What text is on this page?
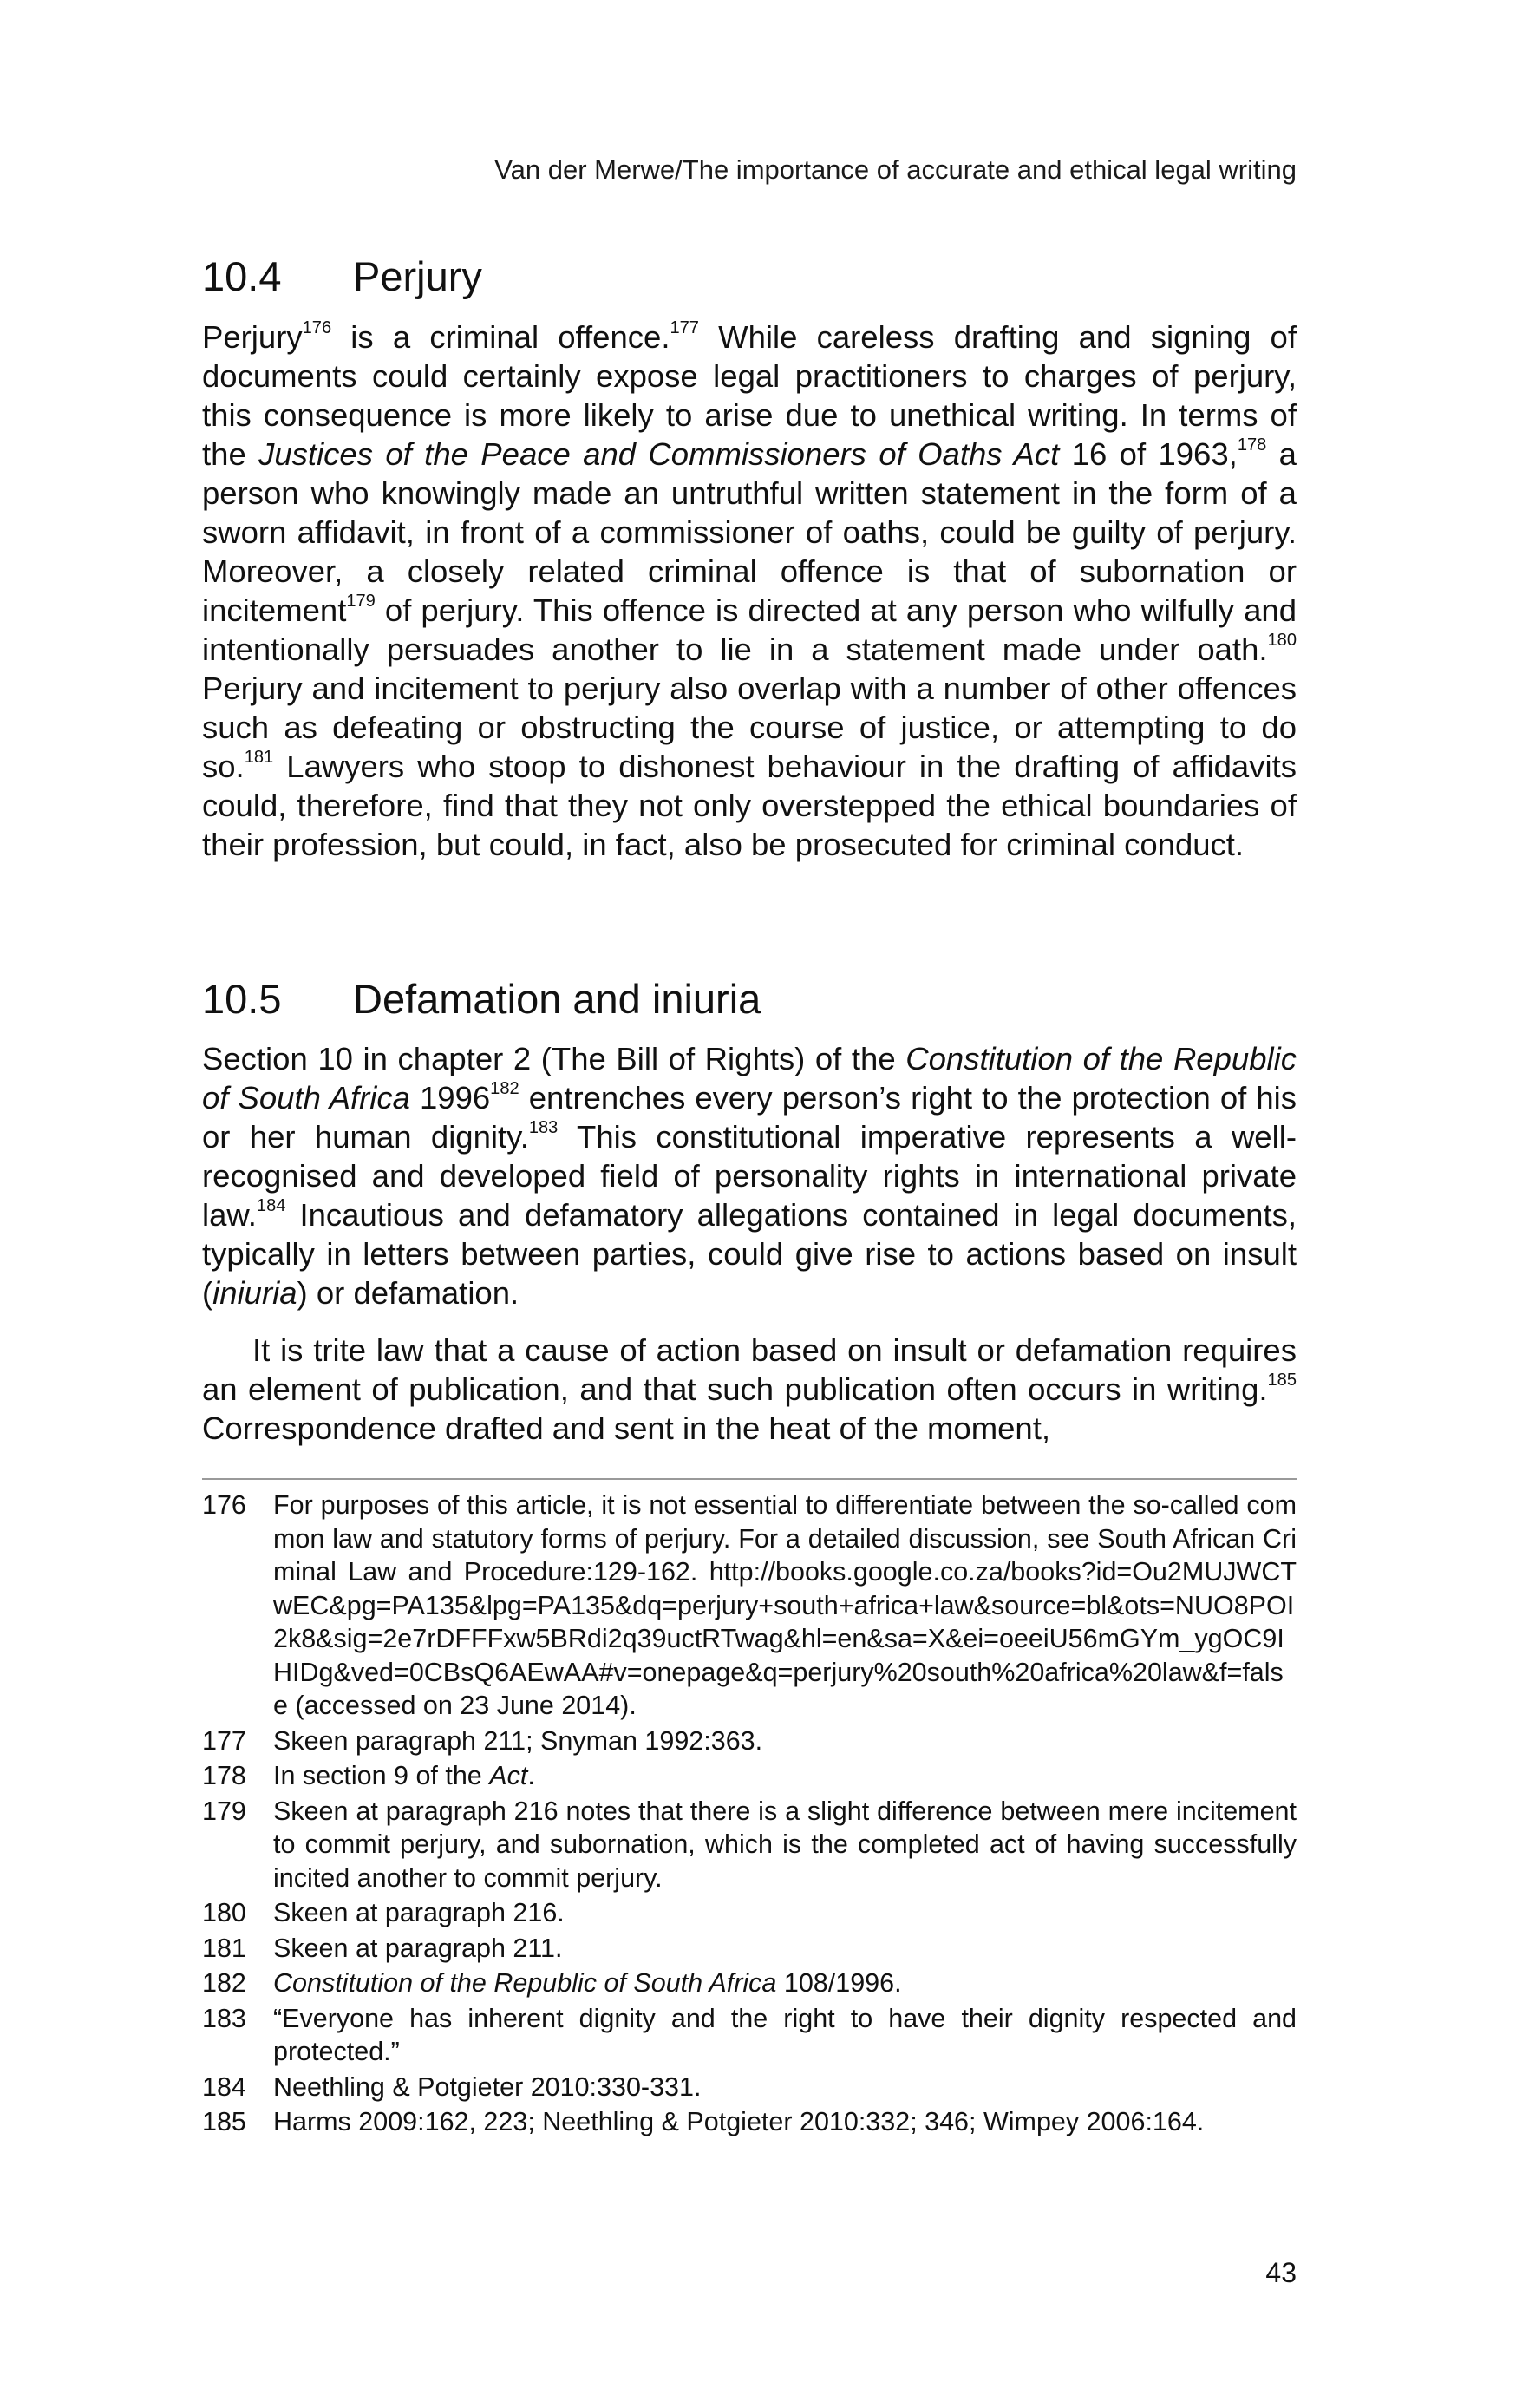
Van der Merwe/The importance of accurate and ethical legal writing
10.4 Perjury

Perjury$^{176}$ is a criminal offence.$^{177}$ While careless drafting and signing of documents could certainly expose legal practitioners to charges of perjury, this consequence is more likely to arise due to unethical writing. In terms of the Justices of the Peace and Commissioners of Oaths Act 16 of 1963,$^{178}$ a person who knowingly made an untruthful written statement in the form of a sworn affidavit, in front of a commissioner of oaths, could be guilty of perjury. Moreover, a closely related criminal offence is that of subornation or incitement$^{179}$ of perjury. This offence is directed at any person who wilfully and intentionally persuades another to lie in a statement made under oath.$^{180}$ Perjury and incitement to perjury also overlap with a number of other offences such as defeating or obstructing the course of justice, or attempting to do so.$^{181}$ Lawyers who stoop to dishonest behaviour in the drafting of affidavits could, therefore, find that they not only overstepped the ethical boundaries of their profession, but could, in fact, also be prosecuted for criminal conduct.

10.5 Defamation and iniuria

Section 10 in chapter 2 (The Bill of Rights) of the Constitution of the Republic of South Africa 1996$^{182}$ entrenches every person’s right to the protection of his or her human dignity.$^{183}$ This constitutional imperative represents a well-recognised and developed field of personality rights in international private law.$^{184}$ Incautious and defamatory allegations contained in legal documents, typically in letters between parties, could give rise to actions based on insult (iniuria) or defamation.

It is trite law that a cause of action based on insult or defamation requires an element of publication, and that such publication often occurs in writing.$^{185}$ Correspondence drafted and sent in the heat of the moment,

176	For purposes of this article, it is not essential to differentiate between the so-called common law and statutory forms of perjury. For a detailed discussion, see South African Criminal Law and Procedure:129-162. http://books.google.co.za/books?id=Ou2MUJWCTwEC&pg=PA135&lpg=PA135&dq=perjury+south+africa+law&source=bl&ots=NUO8POI2k8&sig=2e7rDFFFxw5BRdi2q39uctRTwag&hl=en&sa=X&ei=oeeiU56mGYm_ygOC9IHIDg&ved=0CBsQ6AEwAA#v=onepage&q=perjury%20south%20africa%20law&f=false (accessed on 23 June 2014).
177	Skeen paragraph 211; Snyman 1992:363.
178	In section 9 of the Act.
179	Skeen at paragraph 216 notes that there is a slight difference between mere incitement to commit perjury, and subornation, which is the completed act of having successfully incited another to commit perjury.
180	Skeen at paragraph 216.
181	Skeen at paragraph 211.
182	Constitution of the Republic of South Africa 108/1996.
183	“Everyone has inherent dignity and the right to have their dignity respected and protected.”
184	Neethling & Potgieter 2010:330-331.
185	Harms 2009:162, 223; Neethling & Potgieter 2010:332; 346; Wimpey 2006:164.
43
